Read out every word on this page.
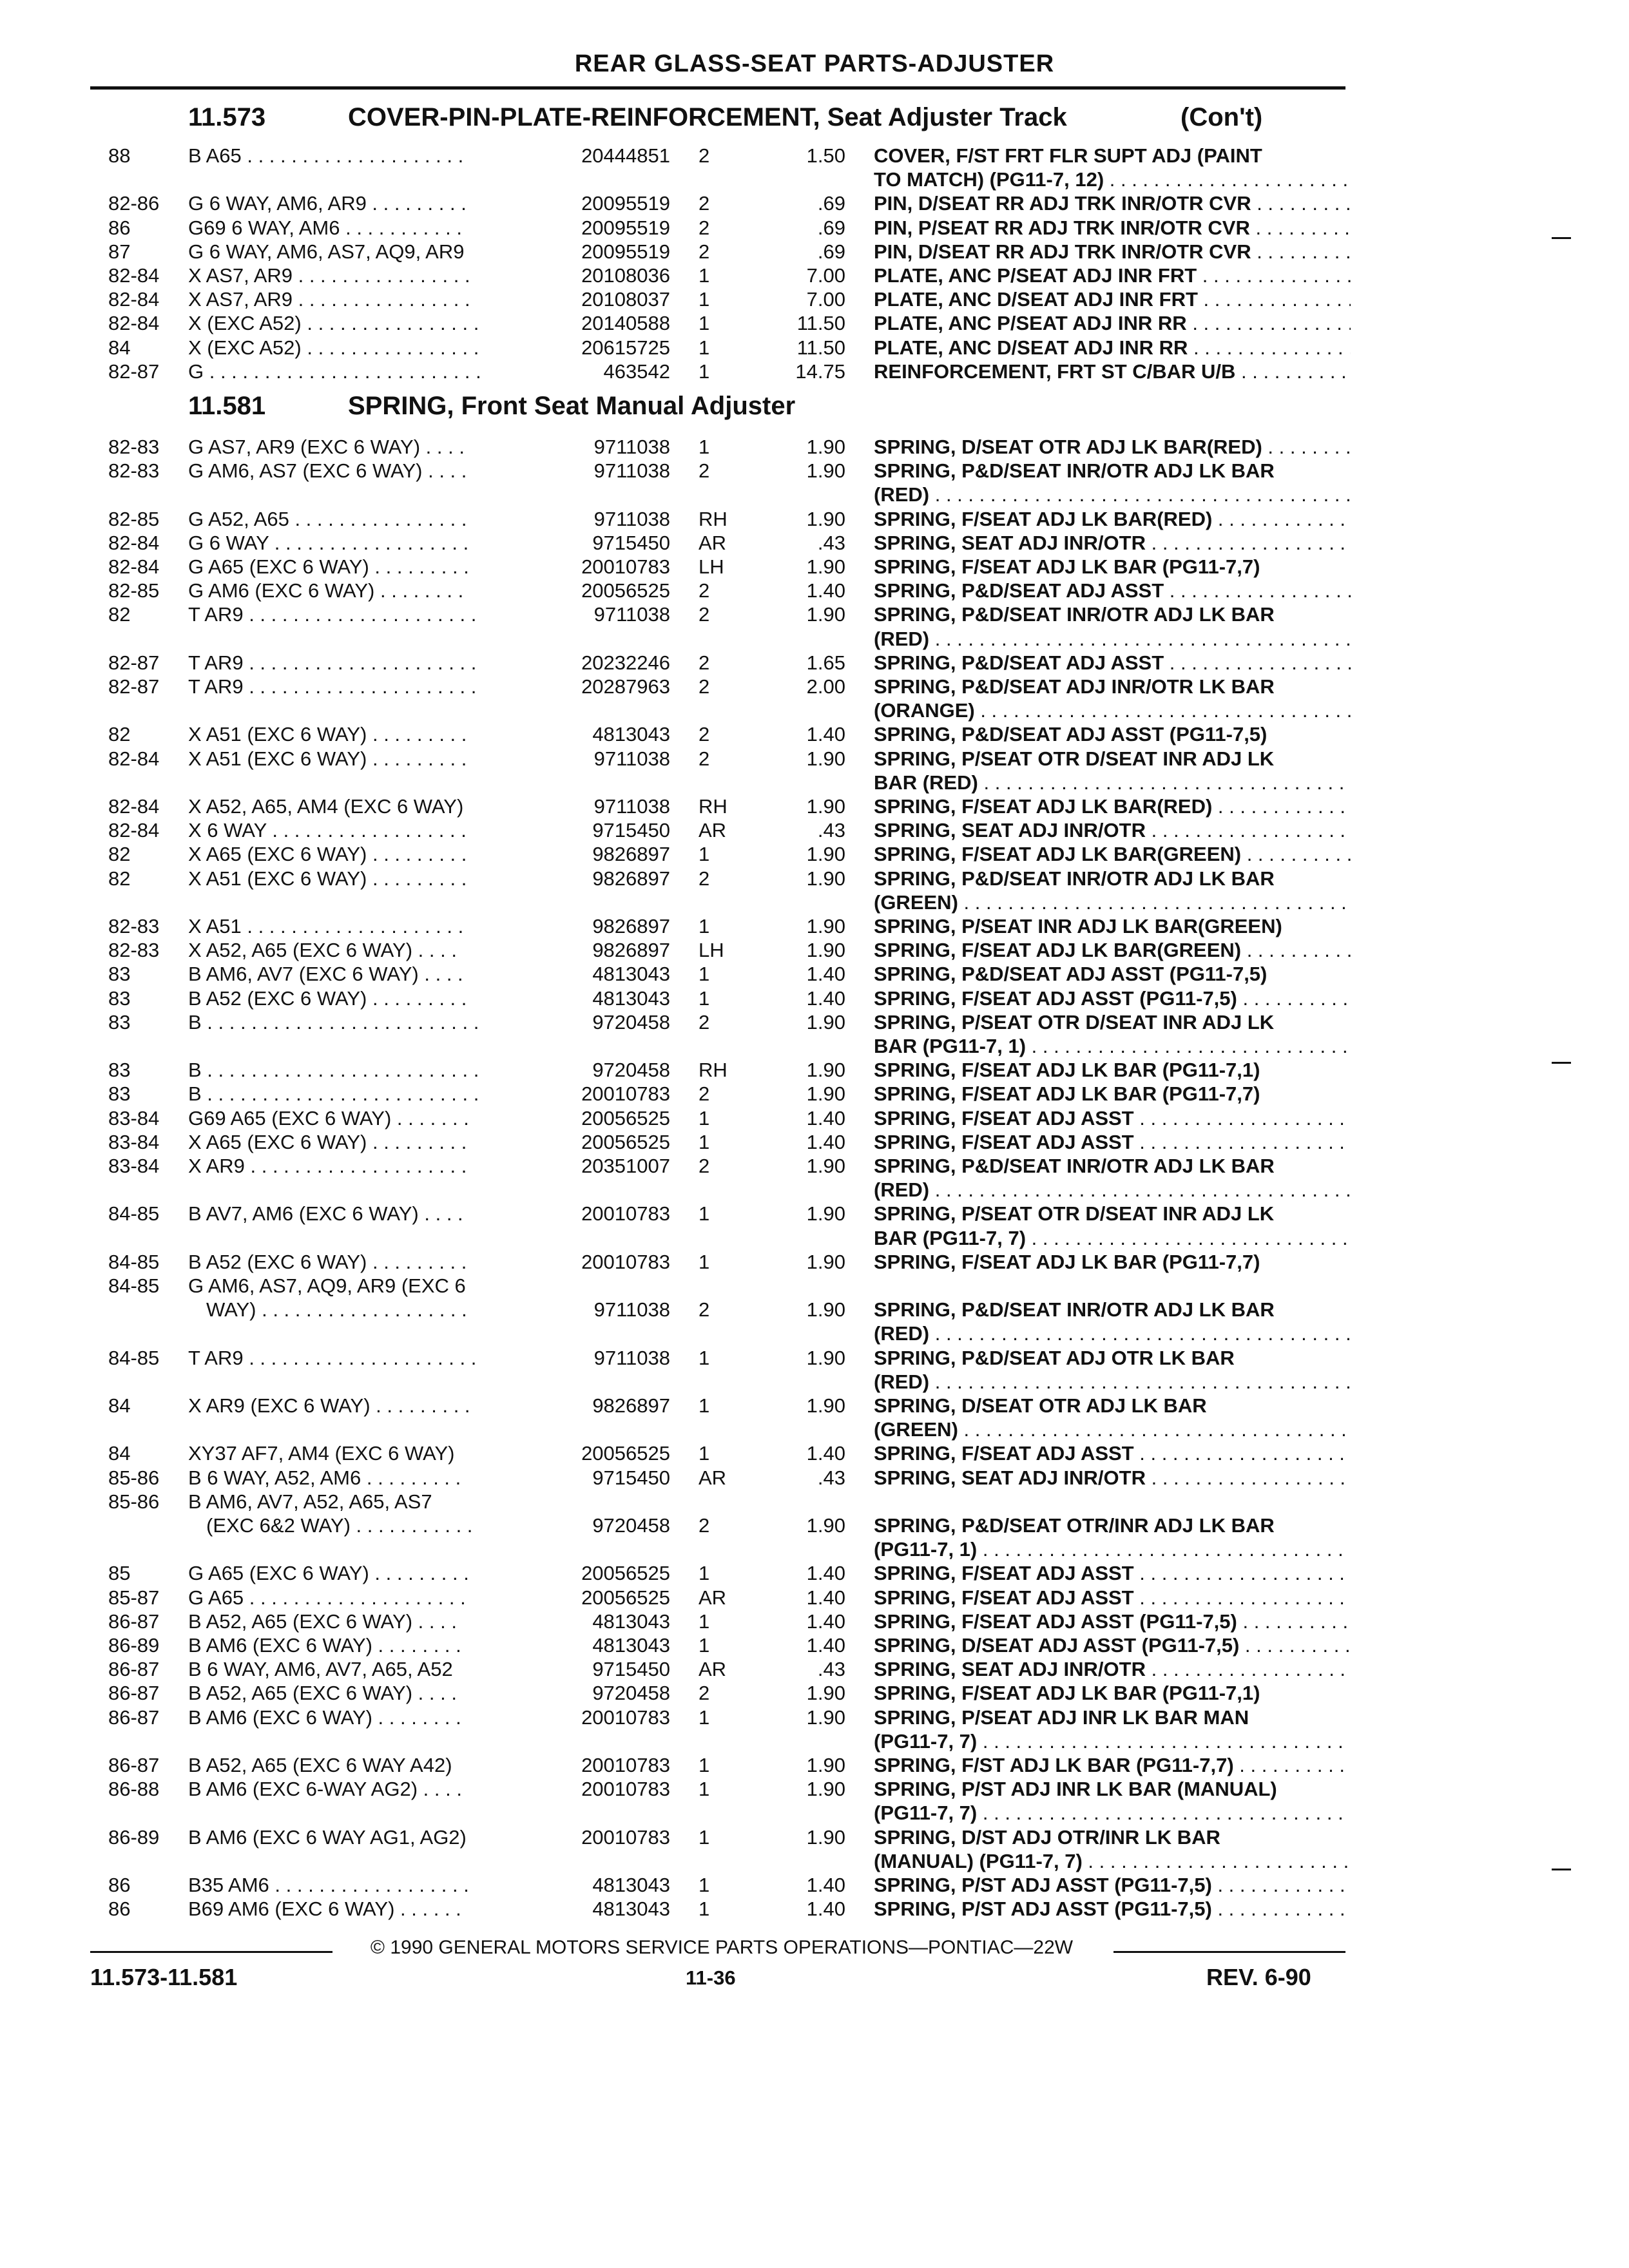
REAR GLASS-SEAT PARTS-ADJUSTER
11.573	COVER-PIN-PLATE-REINFORCEMENT, Seat Adjuster Track	(Con't)
11.581	SPRING, Front Seat Manual Adjuster
88	B A65 . . . . . . . . . . . . . . . . . . . .	20444851 2	1.50 COVER, F/ST FRT FLR SUPT ADJ (PAINT
TO MATCH) (PG11-7, 12) . . .
82-86 G 6 WAY, AM6, AR9 . . . . . . . . .	20095519 2	.69 PIN, D/SEAT RR ADJ TRK INR/OTR CVR . . .
86	G69 6 WAY, AM6 . . . . . . . . . . .	20095519 2	.69 PIN, P/SEAT RR ADJ TRK INR/OTR CVR . . .
87	G 6 WAY, AM6, AS7, AQ9, AR9	20095519 2	.69 PIN, D/SEAT RR ADJ TRK INR/OTR CVR . . .
82-84 X AS7, AR9 . . . . . . . . . . . . . . . .	20108036 1	7.00 PLATE, ANC P/SEAT ADJ INR FRT . . .
82-84 X AS7, AR9 . . . . . . . . . . . . . . . .	20108037 1	7.00 PLATE, ANC D/SEAT ADJ INR FRT . . .
82-84 X (EXC A52) . . . . . . . . . . . . . . . .	20140588 1	11.50 PLATE, ANC P/SEAT ADJ INR RR . . .
84	X (EXC A52) . . . . . . . . . . . . . . . .	20615725 1	11.50 PLATE, ANC D/SEAT ADJ INR RR . . .
82-87 G . . . . . . . . . . . . . . . . . . . . . . . . .	463542 1	14.75 REINFORCEMENT, FRT ST C/BAR U/B . . .
82-83 G AS7, AR9 (EXC 6 WAY) . . . .	9711038 1	1.90 SPRING, D/SEAT OTR ADJ LK BAR(RED) . . .
82-83 G AM6, AS7 (EXC 6 WAY) . . . .	9711038 2	1.90 SPRING, P&D/SEAT INR/OTR ADJ LK BAR
(RED) . . .
82-85 G A52, A65 . . . . . . . . . . . . . . . .	9711038 RH	1.90 SPRING, F/SEAT ADJ LK BAR(RED) . . .
82-84 G 6 WAY . . . . . . . . . . . . . . . . . .	9715450 AR	.43 SPRING, SEAT ADJ INR/OTR . . .
82-84 G A65 (EXC 6 WAY) . . . . . . . . .	20010783 LH	1.90 SPRING, F/SEAT ADJ LK BAR (PG11-7,7)
82-85 G AM6 (EXC 6 WAY) . . . . . . . .	20056525 2	1.40 SPRING, P&D/SEAT ADJ ASST . . .
82	T AR9 . . . . . . . . . . . . . . . . . . . . .	9711038 2	1.90 SPRING, P&D/SEAT INR/OTR ADJ LK BAR
(RED) . . .
82-87 T AR9 . . . . . . . . . . . . . . . . . . . . .	20232246 2	1.65 SPRING, P&D/SEAT ADJ ASST . . .
82-87 T AR9 . . . . . . . . . . . . . . . . . . . . .	20287963 2	2.00 SPRING, P&D/SEAT ADJ INR/OTR LK BAR
(ORANGE) . . .
82	X A51 (EXC 6 WAY) . . . . . . . . .	4813043 2	1.40 SPRING, P&D/SEAT ADJ ASST (PG11-7,5)
82-84 X A51 (EXC 6 WAY) . . . . . . . . .	9711038 2	1.90 SPRING, P/SEAT OTR D/SEAT INR ADJ LK
BAR (RED) . . .
82-84 X A52, A65, AM4 (EXC 6 WAY)	9711038 RH	1.90 SPRING, F/SEAT ADJ LK BAR(RED) . . .
82-84 X 6 WAY . . . . . . . . . . . . . . . . . .	9715450 AR	.43 SPRING, SEAT ADJ INR/OTR . . .
82	X A65 (EXC 6 WAY) . . . . . . . . .	9826897 1	1.90 SPRING, F/SEAT ADJ LK BAR(GREEN) . . .
82	X A51 (EXC 6 WAY) . . . . . . . . .	9826897 2	1.90 SPRING, P&D/SEAT INR/OTR ADJ LK BAR
(GREEN) . . .
82-83 X A51 . . . . . . . . . . . . . . . . . . . .	9826897 1	1.90 SPRING, P/SEAT INR ADJ LK BAR(GREEN)
82-83 X A52, A65 (EXC 6 WAY) . . . .	9826897 LH	1.90 SPRING, F/SEAT ADJ LK BAR(GREEN) . . .
83	B AM6, AV7 (EXC 6 WAY) . . . .	4813043 1	1.40 SPRING, P&D/SEAT ADJ ASST (PG11-7,5)
83	B A52 (EXC 6 WAY) . . . . . . . . .	4813043 1	1.40 SPRING, F/SEAT ADJ ASST (PG11-7,5) . . .
83	B . . . . . . . . . . . . . . . . . . . . . . . . .	9720458 2	1.90 SPRING, P/SEAT OTR D/SEAT INR ADJ LK
BAR (PG11-7, 1) . . .
83	B . . . . . . . . . . . . . . . . . . . . . . . . .	9720458 RH	1.90 SPRING, F/SEAT ADJ LK BAR (PG11-7,1)
83	B . . . . . . . . . . . . . . . . . . . . . . . . .	20010783 2	1.90 SPRING, F/SEAT ADJ LK BAR (PG11-7,7)
83-84 G69 A65 (EXC 6 WAY) . . . . . . .	20056525 1	1.40 SPRING, F/SEAT ADJ ASST . . .
83-84 X A65 (EXC 6 WAY) . . . . . . . . .	20056525 1	1.40 SPRING, F/SEAT ADJ ASST . . .
83-84 X AR9 . . . . . . . . . . . . . . . . . . . .	20351007 2	1.90 SPRING, P&D/SEAT INR/OTR ADJ LK BAR
(RED) . . .
84-85 B AV7, AM6 (EXC 6 WAY) . . . .	20010783 1	1.90 SPRING, P/SEAT OTR D/SEAT INR ADJ LK
BAR (PG11-7, 7) . . .
84-85 B A52 (EXC 6 WAY) . . . . . . . . .	20010783 1	1.90 SPRING, F/SEAT ADJ LK BAR (PG11-7,7)
84-85 G AM6, AS7, AQ9, AR9 (EXC 6
WAY) . . . . . . . . . . . . . . . . . . .	9711038 2	1.90 SPRING, P&D/SEAT INR/OTR ADJ LK BAR
(RED) . . .
84-85 T AR9 . . . . . . . . . . . . . . . . . . . . .	9711038 1	1.90 SPRING, P&D/SEAT ADJ OTR LK BAR
(RED) . . .
84	X AR9 (EXC 6 WAY) . . . . . . . . .	9826897 1	1.90 SPRING, D/SEAT OTR ADJ LK BAR
(GREEN) . . .
84	XY37 AF7, AM4 (EXC 6 WAY)	20056525 1	1.40 SPRING, F/SEAT ADJ ASST . . .
85-86 B 6 WAY, A52, AM6 . . . . . . . . .	9715450 AR	.43 SPRING, SEAT ADJ INR/OTR . . .
85-86 B AM6, AV7, A52, A65, AS7
(EXC 6&2 WAY) . . . . . . . . . . .	9720458 2	1.90 SPRING, P&D/SEAT OTR/INR ADJ LK BAR
(PG11-7, 1) . . .
85	G A65 (EXC 6 WAY) . . . . . . . . .	20056525 1	1.40 SPRING, F/SEAT ADJ ASST . . .
85-87 G A65 . . . . . . . . . . . . . . . . . . . .	20056525 AR	1.40 SPRING, F/SEAT ADJ ASST . . .
86-87 B A52, A65 (EXC 6 WAY) . . . .	4813043 1	1.40 SPRING, F/SEAT ADJ ASST (PG11-7,5) . . .
86-89 B AM6 (EXC 6 WAY) . . . . . . . .	4813043 1	1.40 SPRING, D/SEAT ADJ ASST (PG11-7,5) . . .
86-87 B 6 WAY, AM6, AV7, A65, A52	9715450 AR	.43 SPRING, SEAT ADJ INR/OTR . . .
86-87 B A52, A65 (EXC 6 WAY) . . . .	9720458 2	1.90 SPRING, F/SEAT ADJ LK BAR (PG11-7,1)
86-87 B AM6 (EXC 6 WAY) . . . . . . . .	20010783 1	1.90 SPRING, P/SEAT ADJ INR LK BAR MAN
(PG11-7, 7) . . .
86-87 B A52, A65 (EXC 6 WAY A42)	20010783 1	1.90 SPRING, F/ST ADJ LK BAR (PG11-7,7) . . .
86-88 B AM6 (EXC 6-WAY AG2) . . . .	20010783 1	1.90 SPRING, P/ST ADJ INR LK BAR (MANUAL)
(PG11-7, 7) . . .
86-89 B AM6 (EXC 6 WAY AG1, AG2)	20010783 1	1.90 SPRING, D/ST ADJ OTR/INR LK BAR
(MANUAL) (PG11-7, 7) . . .
86	B35 AM6 . . . . . . . . . . . . . . . . . .	4813043 1	1.40 SPRING, P/ST ADJ ASST (PG11-7,5) . . .
86	B69 AM6 (EXC 6 WAY) . . . . . .	4813043 1	1.40 SPRING, P/ST ADJ ASST (PG11-7,5) . . .
© 1990 GENERAL MOTORS SERVICE PARTS OPERATIONS—PONTIAC—22W
11.573-11.581	11-36	REV. 6-90
